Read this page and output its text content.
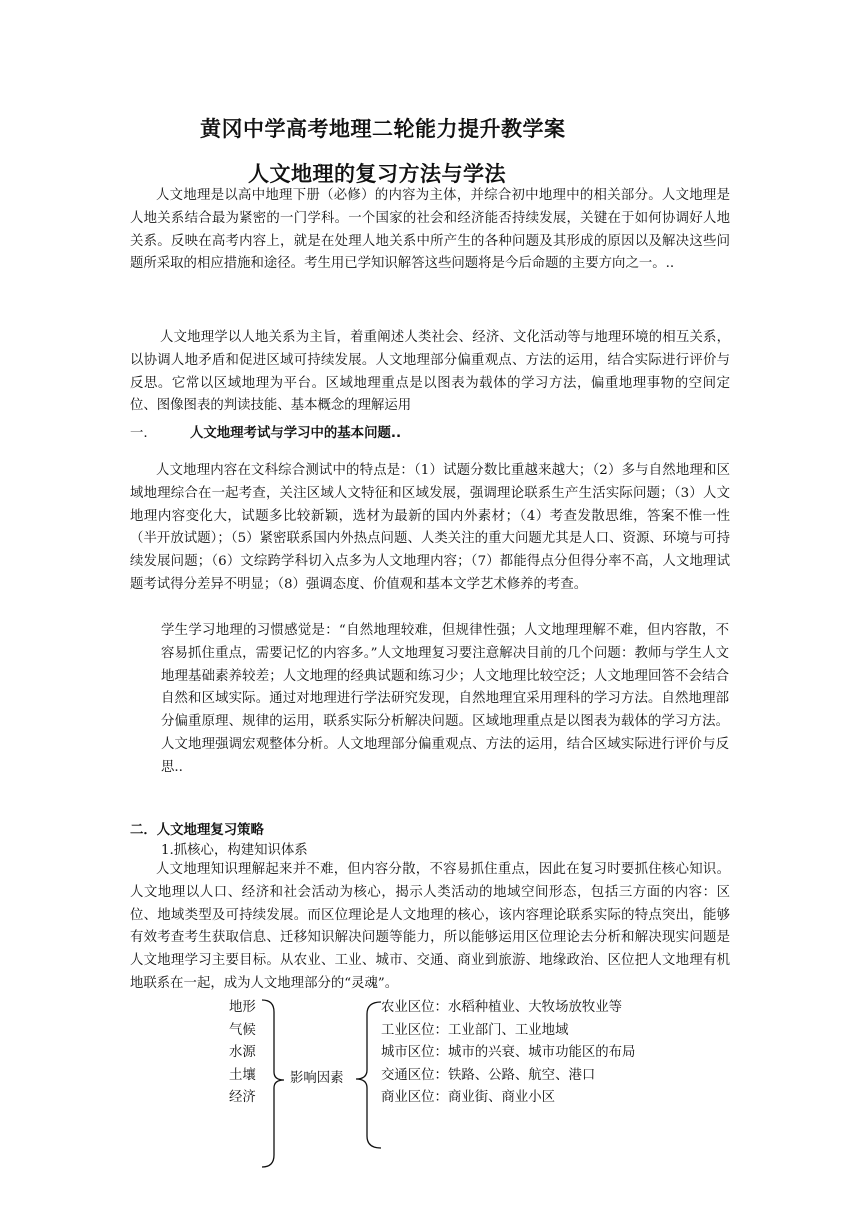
黄冈中学高考地理二轮能力提升教学案
人文地理的复习方法与学法

人文地理是以高中地理下册（必修）的内容为主体，并综合初中地理中的相关部分。人文地理是人地关系结合最为紧密的一门学科。一个国家的社会和经济能否持续发展，关键在于如何协调好人地关系。反映在高考内容上，就是在处理人地关系中所产生的各种问题及其形成的原因以及解决这些问题所采取的相应措施和途径。考生用已学知识解答这些问题将是今后命题的主要方向之一。..

人文地理学以人地关系为主旨，着重阐述人类社会、经济、文化活动等与地理环境的相互关系，以协调人地矛盾和促进区域可持续发展。人文地理部分偏重观点、方法的运用，结合实际进行评价与反思。它常以区域地理为平台。区域地理重点是以图表为载体的学习方法，偏重地理事物的空间定位、图像图表的判读技能、基本概念的理解运用

一.	人文地理考试与学习中的基本问题..

人文地理内容在文科综合测试中的特点是：（1）试题分数比重越来越大；（2）多与自然地理和区域地理综合在一起考查，关注区域人文特征和区域发展，强调理论联系生产生活实际问题；（3）人文地理内容变化大，试题多比较新颖，选材为最新的国内外素材；（4）考查发散思维，答案不惟一性（半开放试题）；（5）紧密联系国内外热点问题、人类关注的重大问题尤其是人口、资源、环境与可持续发展问题；（6）文综跨学科切入点多为人文地理内容；（7）都能得点分但得分率不高，人文地理试题考试得分差异不明显；（8）强调态度、价值观和基本文学艺术修养的考查。

学生学习地理的习惯感觉是：“自然地理较难，但规律性强；人文地理理解不难，但内容散，不容易抓住重点，需要记忆的内容多。”人文地理复习要注意解决目前的几个问题：教师与学生人文地理基础素养较差；人文地理的经典试题和练习少；人文地理比较空泛；人文地理回答不会结合自然和区域实际。通过对地理进行学法研究发现，自然地理宜采用理科的学习方法。自然地理部分偏重原理、规律的运用，联系实际分析解决问题。区域地理重点是以图表为载体的学习方法。人文地理强调宏观整体分析。人文地理部分偏重观点、方法的运用，结合区域实际进行评价与反思..

二．人文地理复习策略
1.抓核心，构建知识体系

人文地理知识理解起来并不难，但内容分散，不容易抓住重点，因此在复习时要抓住核心知识。人文地理以人口、经济和社会活动为核心，揭示人类活动的地域空间形态，包括三方面的内容：区位、地域类型及可持续发展。而区位理论是人文地理的核心，该内容理论联系实际的特点突出，能够有效考查考生获取信息、迁移知识解决问题等能力，所以能够运用区位理论去分析和解决现实问题是人文地理学习主要目标。从农业、工业、城市、交通、商业到旅游、地缘政治、区位把人文地理有机地联系在一起，成为人文地理部分的“灵魂”。

地形
气候
水源
土壤
经济
影响因素
农业区位：水稻种植业、大牧场放牧业等
工业区位：工业部门、工业地域
城市区位：城市的兴衰、城市功能区的布局
交通区位：铁路、公路、航空、港口
商业区位：商业街、商业小区
